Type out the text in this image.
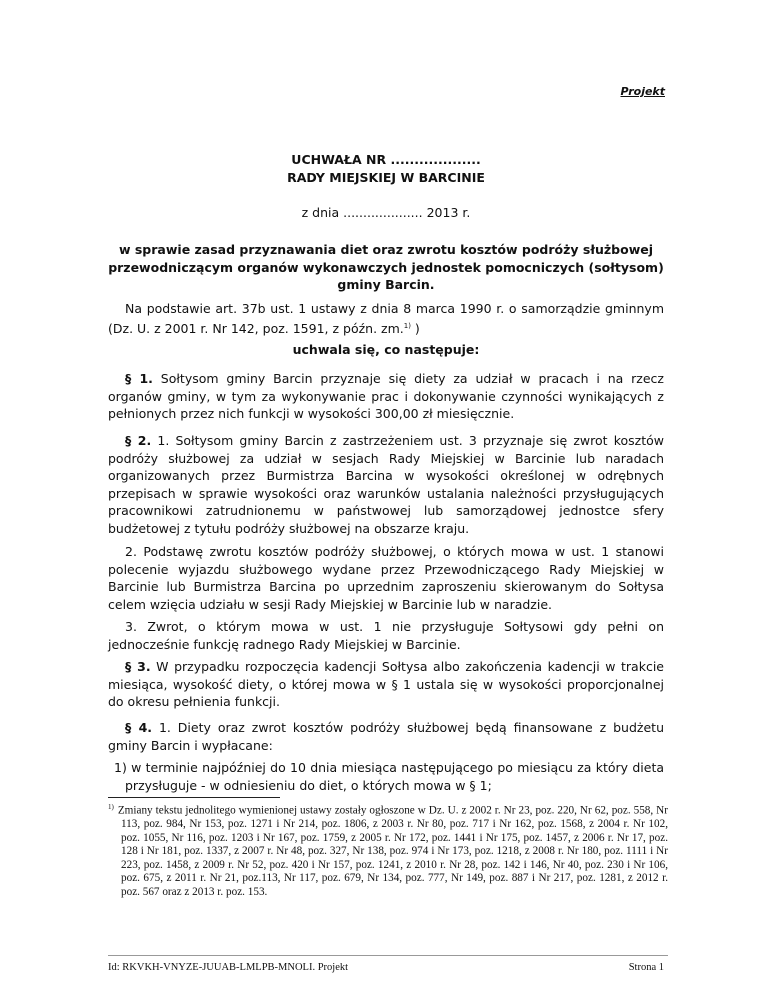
Projekt
UCHWAŁA NR ...................
RADY MIEJSKIEJ W BARCINIE
z dnia .................... 2013 r.
w sprawie zasad przyznawania diet oraz zwrotu kosztów podróży służbowej przewodniczącym organów wykonawczych jednostek pomocniczych (sołtysom) gminy Barcin.

Na podstawie art. 37b ust. 1 ustawy z dnia 8 marca 1990 r. o samorządzie gminnym (Dz. U. z 2001 r. Nr 142, poz. 1591, z późn. zm.$^{1)}$ )

uchwala się, co następuje:

§ 1. Sołtysom gminy Barcin przyznaje się diety za udział w pracach i na rzecz organów gminy, w tym za wykonywanie prac i dokonywanie czynności wynikających z pełnionych przez nich funkcji w wysokości 300,00 zł miesięcznie.

§ 2. 1. Sołtysom gminy Barcin z zastrzeżeniem ust. 3 przyznaje się zwrot kosztów podróży służbowej za udział w sesjach Rady Miejskiej w Barcinie lub naradach organizowanych przez Burmistrza Barcina w wysokości określonej w odrębnych przepisach w sprawie wysokości oraz warunków ustalania należności przysługujących pracownikowi zatrudnionemu w państwowej lub samorządowej jednostce sfery budżetowej z tytułu podróży służbowej na obszarze kraju.

2. Podstawę zwrotu kosztów podróży służbowej, o których mowa w ust. 1 stanowi polecenie wyjazdu służbowego wydane przez Przewodniczącego Rady Miejskiej w Barcinie lub Burmistrza Barcina po uprzednim zaproszeniu skierowanym do Sołtysa celem wzięcia udziału w sesji Rady Miejskiej w Barcinie lub w naradzie.

3. Zwrot, o którym mowa w ust. 1 nie przysługuje Sołtysowi gdy pełni on jednocześnie funkcję radnego Rady Miejskiej w Barcinie.

§ 3. W przypadku rozpoczęcia kadencji Sołtysa albo zakończenia kadencji w trakcie miesiąca, wysokość diety, o której mowa w § 1 ustala się w wysokości proporcjonalnej do okresu pełnienia funkcji.

§ 4. 1. Diety oraz zwrot kosztów podróży służbowej będą finansowane z budżetu gminy Barcin i wypłacane:

1) w terminie najpóźniej do 10 dnia miesiąca następującego po miesiącu za który dieta przysługuje - w odniesieniu do diet, o których mowa w § 1;

$^{1)}$ Zmiany tekstu jednolitego wymienionej ustawy zostały ogłoszone w Dz. U. z 2002 r. Nr 23, poz. 220, Nr 62, poz. 558, Nr 113, poz. 984, Nr 153, poz. 1271 i Nr 214, poz. 1806, z 2003 r. Nr 80, poz. 717 i Nr 162, poz. 1568, z 2004 r. Nr 102, poz. 1055, Nr 116, poz. 1203 i Nr 167, poz. 1759, z 2005 r. Nr 172, poz. 1441 i Nr 175, poz. 1457, z 2006 r. Nr 17, poz. 128 i Nr 181, poz. 1337, z 2007 r. Nr 48, poz. 327, Nr 138, poz. 974 i Nr 173, poz. 1218, z 2008 r. Nr 180, poz. 1111 i Nr 223, poz. 1458, z 2009 r. Nr 52, poz. 420 i Nr 157, poz. 1241, z 2010 r. Nr 28, poz. 142 i 146, Nr 40, poz. 230 i Nr 106, poz. 675, z 2011 r. Nr 21, poz.113, Nr 117, poz. 679, Nr 134, poz. 777, Nr 149, poz. 887 i Nr 217, poz. 1281, z 2012 r. poz. 567 oraz z 2013 r. poz. 153.
Id: RKVKH-VNYZE-JUUAB-LMLPB-MNOLI. Projekt	Strona 1
